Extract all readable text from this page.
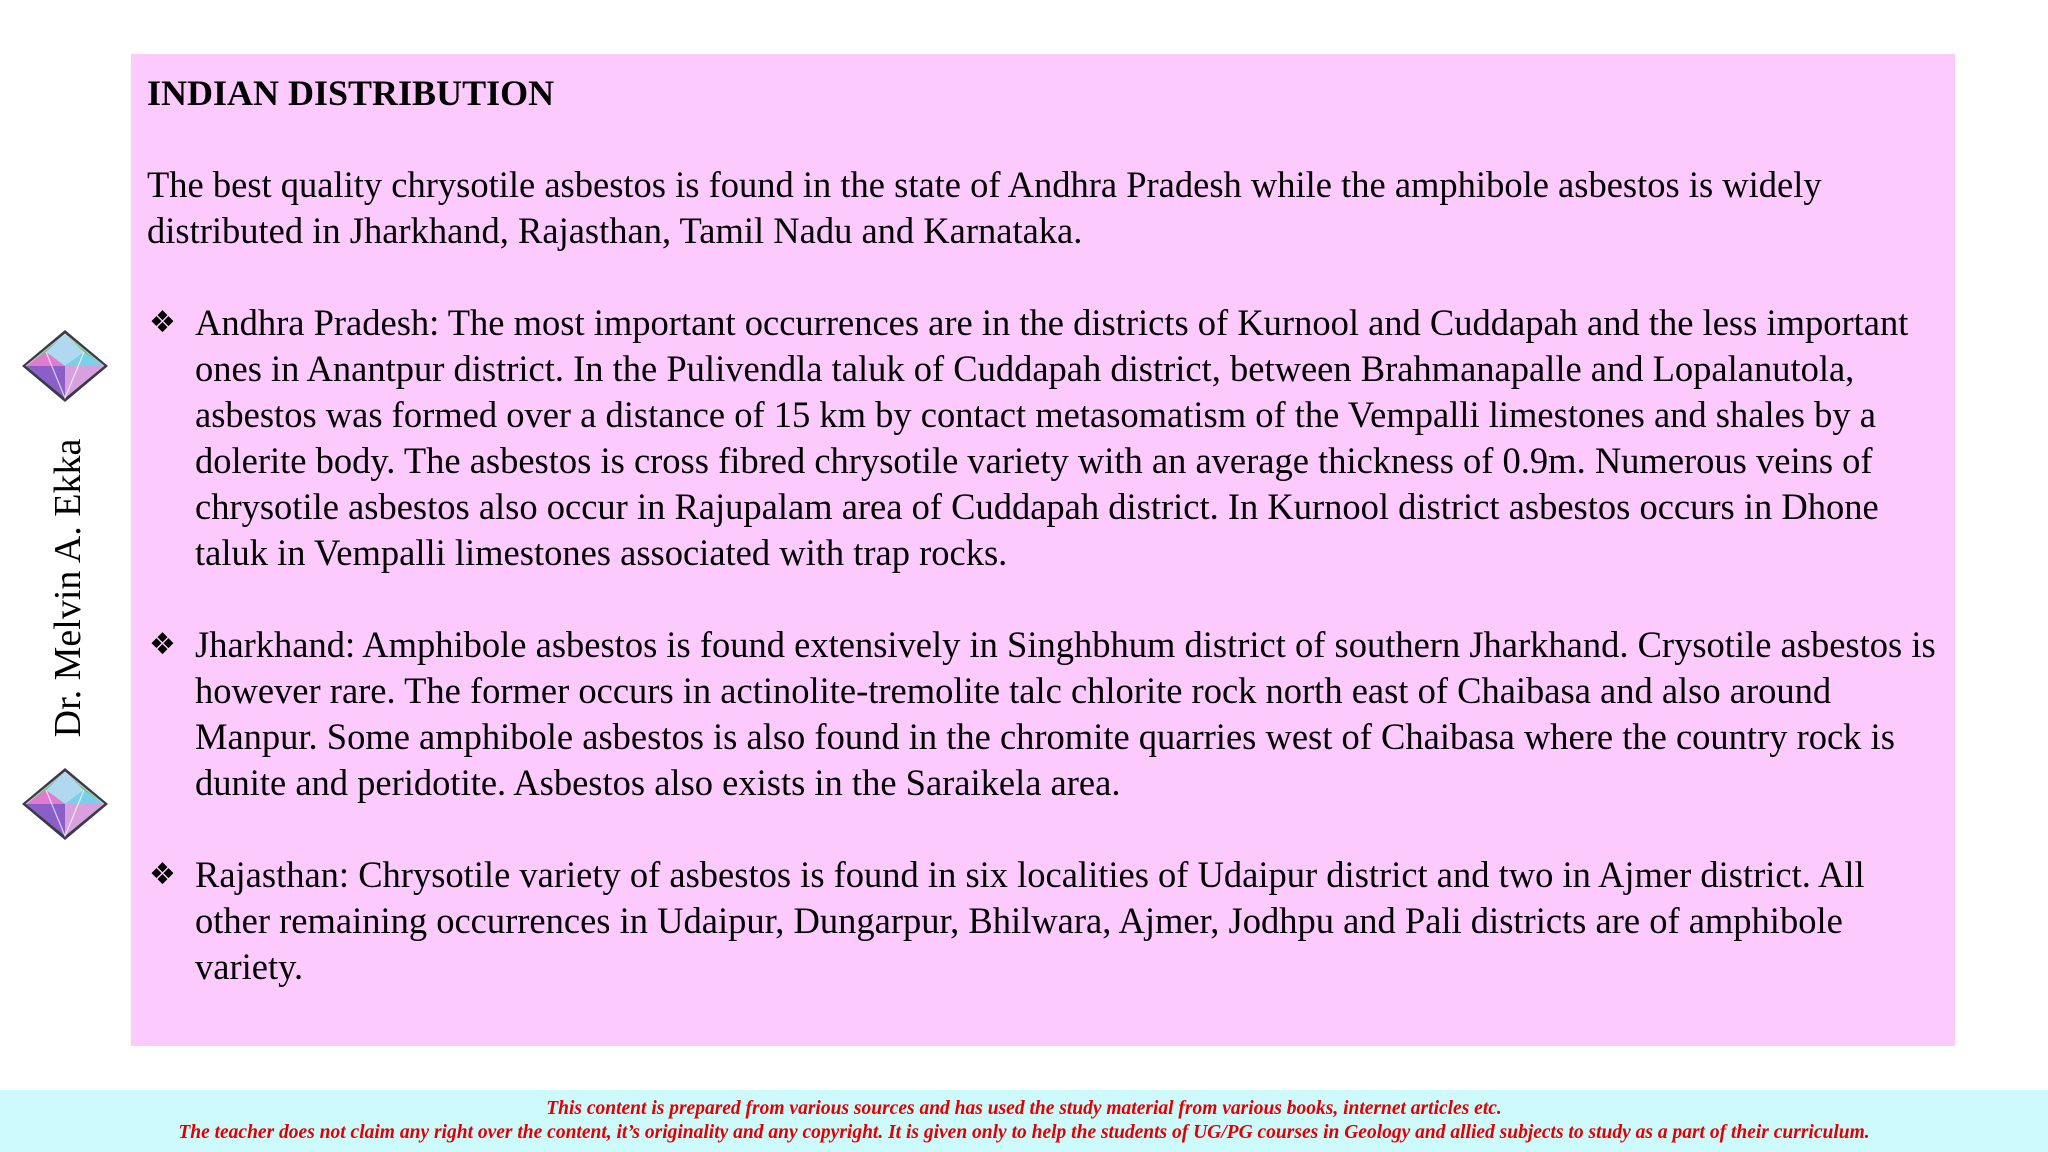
Dr. Melvin A. Ekka
INDIAN DISTRIBUTION

The best quality chrysotile asbestos is found in the state of Andhra Pradesh while the amphibole asbestos is widely distributed in Jharkhand, Rajasthan, Tamil Nadu and Karnataka.

❖ Andhra Pradesh: The most important occurrences are in the districts of Kurnool and Cuddapah and the less important ones in Anantpur district. In the Pulivendla taluk of Cuddapah district, between Brahmanapalle and Lopalanutola, asbestos was formed over a distance of 15 km by contact metasomatism of the Vempalli limestones and shales by a dolerite body. The asbestos is cross fibred chrysotile variety with an average thickness of 0.9m. Numerous veins of chrysotile asbestos also occur in Rajupalam area of Cuddapah district. In Kurnool district asbestos occurs in Dhone taluk in Vempalli limestones associated with trap rocks.
❖ Jharkhand: Amphibole asbestos is found extensively in Singhbhum district of southern Jharkhand. Crysotile asbestos is however rare. The former occurs in actinolite-tremolite talc chlorite rock north east of Chaibasa and also around Manpur. Some amphibole asbestos is also found in the chromite quarries west of Chaibasa where the country rock is dunite and peridotite. Asbestos also exists in the Saraikela area.
❖ Rajasthan: Chrysotile variety of asbestos is found in six localities of Udaipur district and two in Ajmer district. All other remaining occurrences in Udaipur, Dungarpur, Bhilwara, Ajmer, Jodhpu and Pali districts are of amphibole variety.
This content is prepared from various sources and has used the study material from various books, internet articles etc.
The teacher does not claim any right over the content, it’s originality and any copyright. It is given only to help the students of UG/PG courses in Geology and allied subjects to study as a part of their curriculum.
